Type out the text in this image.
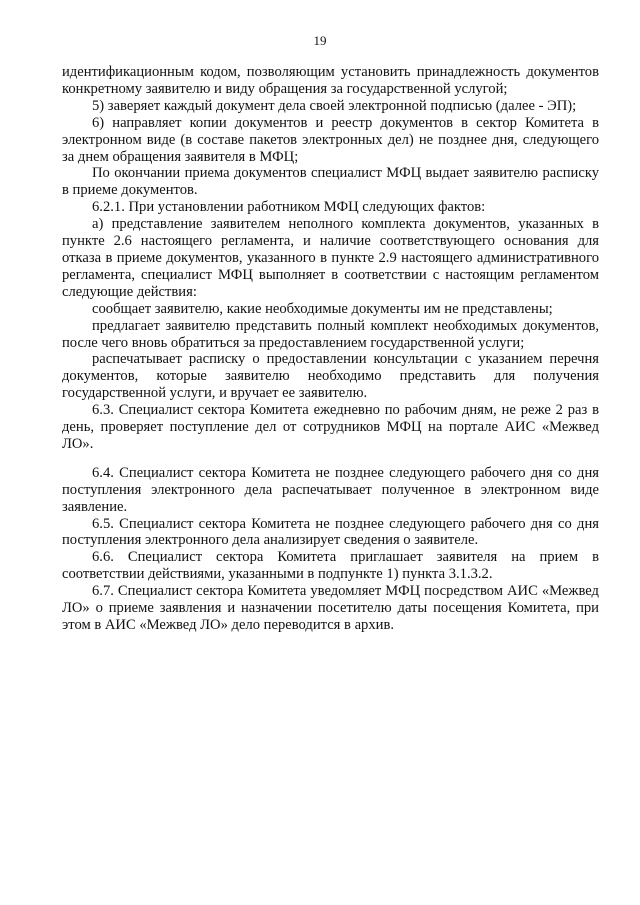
19

идентификационным кодом, позволяющим установить принадлежность документов конкретному заявителю и виду обращения за государственной услугой;

5) заверяет каждый документ дела своей электронной подписью (далее - ЭП);

6) направляет копии документов и реестр документов в сектор Комитета в электронном виде (в составе пакетов электронных дел) не позднее дня, следующего за днем обращения заявителя в МФЦ;

По окончании приема документов специалист МФЦ выдает заявителю расписку в приеме документов.

6.2.1. При установлении работником МФЦ следующих фактов:

а) представление заявителем неполного комплекта документов, указанных в пункте 2.6 настоящего регламента, и наличие соответствующего основания для отказа в приеме документов, указанного в пункте 2.9 настоящего административного регламента, специалист МФЦ выполняет в соответствии с настоящим регламентом следующие действия:

сообщает заявителю, какие необходимые документы им не представлены;

предлагает заявителю представить полный комплект необходимых документов, после чего вновь обратиться за предоставлением государственной услуги;

распечатывает расписку о предоставлении консультации с указанием перечня документов, которые заявителю необходимо представить для получения государственной услуги, и вручает ее заявителю.

6.3. Специалист сектора Комитета ежедневно по рабочим дням, не реже 2 раз в день, проверяет поступление дел от сотрудников МФЦ на портале АИС «Межвед ЛО».

6.4. Специалист сектора Комитета не позднее следующего рабочего дня со дня поступления электронного дела распечатывает полученное в электронном виде заявление.

6.5. Специалист сектора Комитета не позднее следующего рабочего дня со дня поступления электронного дела анализирует сведения о заявителе.

6.6. Специалист сектора Комитета приглашает заявителя на прием в соответствии действиями, указанными в подпункте 1) пункта 3.1.3.2.

6.7. Специалист сектора Комитета уведомляет МФЦ посредством АИС «Межвед ЛО» о приеме заявления и назначении посетителю даты посещения Комитета, при этом в АИС «Межвед ЛО» дело переводится в архив.
